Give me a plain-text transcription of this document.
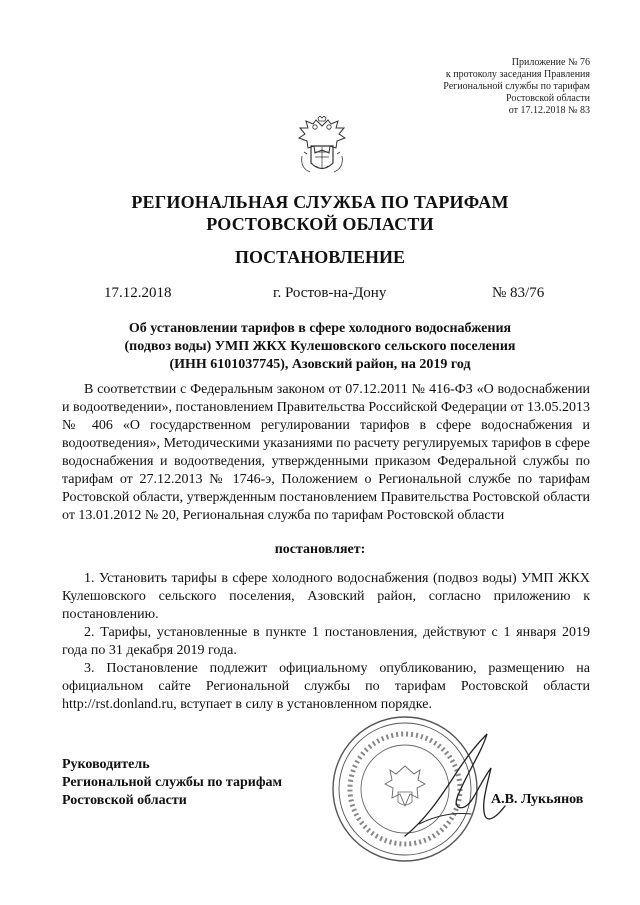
Приложение № 76
к протоколу заседания Правления
Региональной службы по тарифам
Ростовской области
от 17.12.2018 № 83
РЕГИОНАЛЬНАЯ СЛУЖБА ПО ТАРИФАМ
РОСТОВСКОЙ ОБЛАСТИ
ПОСТАНОВЛЕНИЕ
17.12.2018	г. Ростов-на-Дону	№ 83/76
Об установлении тарифов в сфере холодного водоснабжения
(подвоз воды) УМП ЖКХ Кулешовского сельского поселения
(ИНН 6101037745), Азовский район, на 2019 год

В соответствии с Федеральным законом от 07.12.2011 № 416-ФЗ «О водоснабжении и водоотведении», постановлением Правительства Российской Федерации от 13.05.2013 № 406 «О государственном регулировании тарифов в сфере водоснабжения и водоотведения», Методическими указаниями по расчету регулируемых тарифов в сфере водоснабжения и водоотведения, утвержденными приказом Федеральной службы по тарифам от 27.12.2013 № 1746-э, Положением о Региональной службе по тарифам Ростовской области, утвержденным постановлением Правительства Ростовской области от 13.01.2012 № 20, Региональная служба по тарифам Ростовской области

постановляет:

1. Установить тарифы в сфере холодного водоснабжения (подвоз воды) УМП ЖКХ Кулешовского сельского поселения, Азовский район, согласно приложению к постановлению.

2. Тарифы, установленные в пункте 1 постановления, действуют с 1 января 2019 года по 31 декабря 2019 года.

3. Постановление подлежит официальному опубликованию, размещению на официальном сайте Региональной службы по тарифам Ростовской области http://rst.donland.ru, вступает в силу в установленном порядке.

Руководитель
Региональной службы по тарифам
Ростовской области	А.В. Лукьянов
